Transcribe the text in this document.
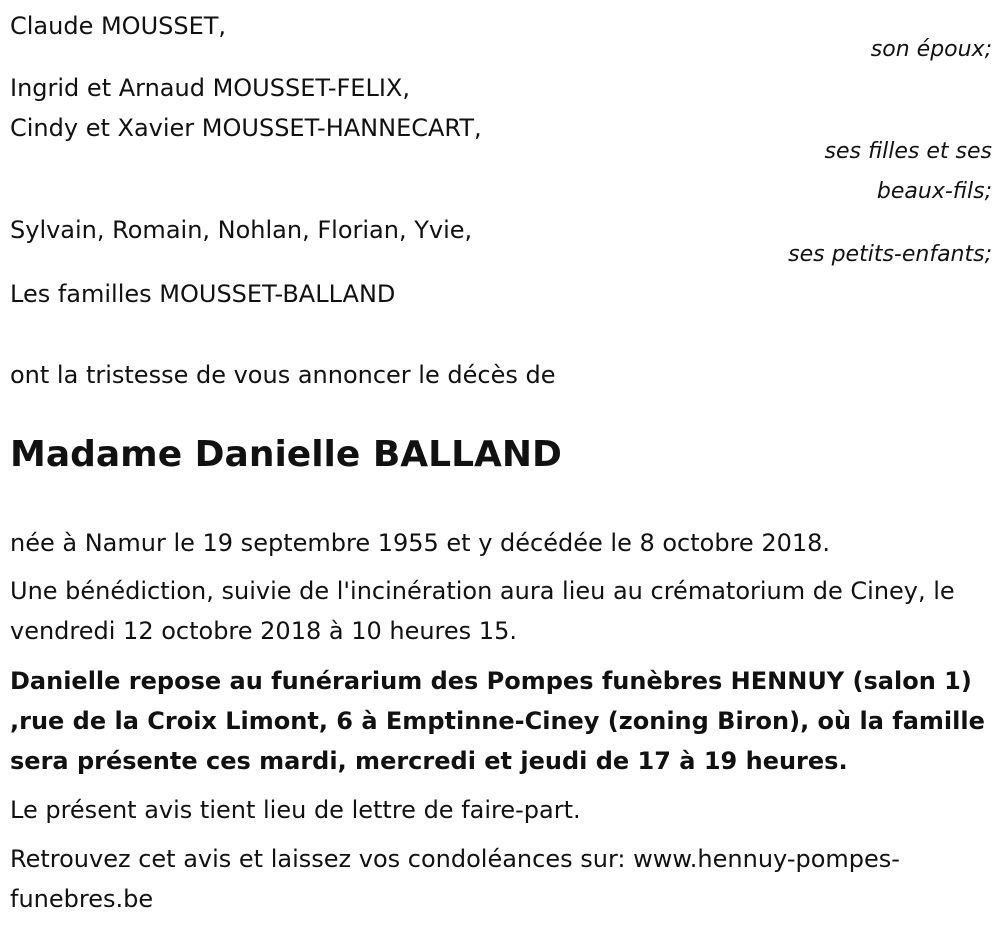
Claude MOUSSET,
son époux;
Ingrid et Arnaud MOUSSET-FELIX,
Cindy et Xavier MOUSSET-HANNECART,
ses filles et ses
beaux-fils;
Sylvain, Romain, Nohlan, Florian, Yvie,
ses petits-enfants;
Les familles MOUSSET-BALLAND
ont la tristesse de vous annoncer le décès de
Madame Danielle BALLAND
née à Namur le 19 septembre 1955 et y décédée le 8 octobre 2018.
Une bénédiction, suivie de l'incinération aura lieu au crématorium de Ciney, le vendredi 12 octobre 2018 à 10 heures 15.
Danielle repose au funérarium des Pompes funèbres HENNUY (salon 1) ,rue de la Croix Limont, 6 à Emptinne-Ciney (zoning Biron), où la famille sera présente ces mardi, mercredi et jeudi de 17 à 19 heures.
Le présent avis tient lieu de lettre de faire-part.
Retrouvez cet avis et laissez vos condoléances sur: www.hennuy-pompes-funebres.be
